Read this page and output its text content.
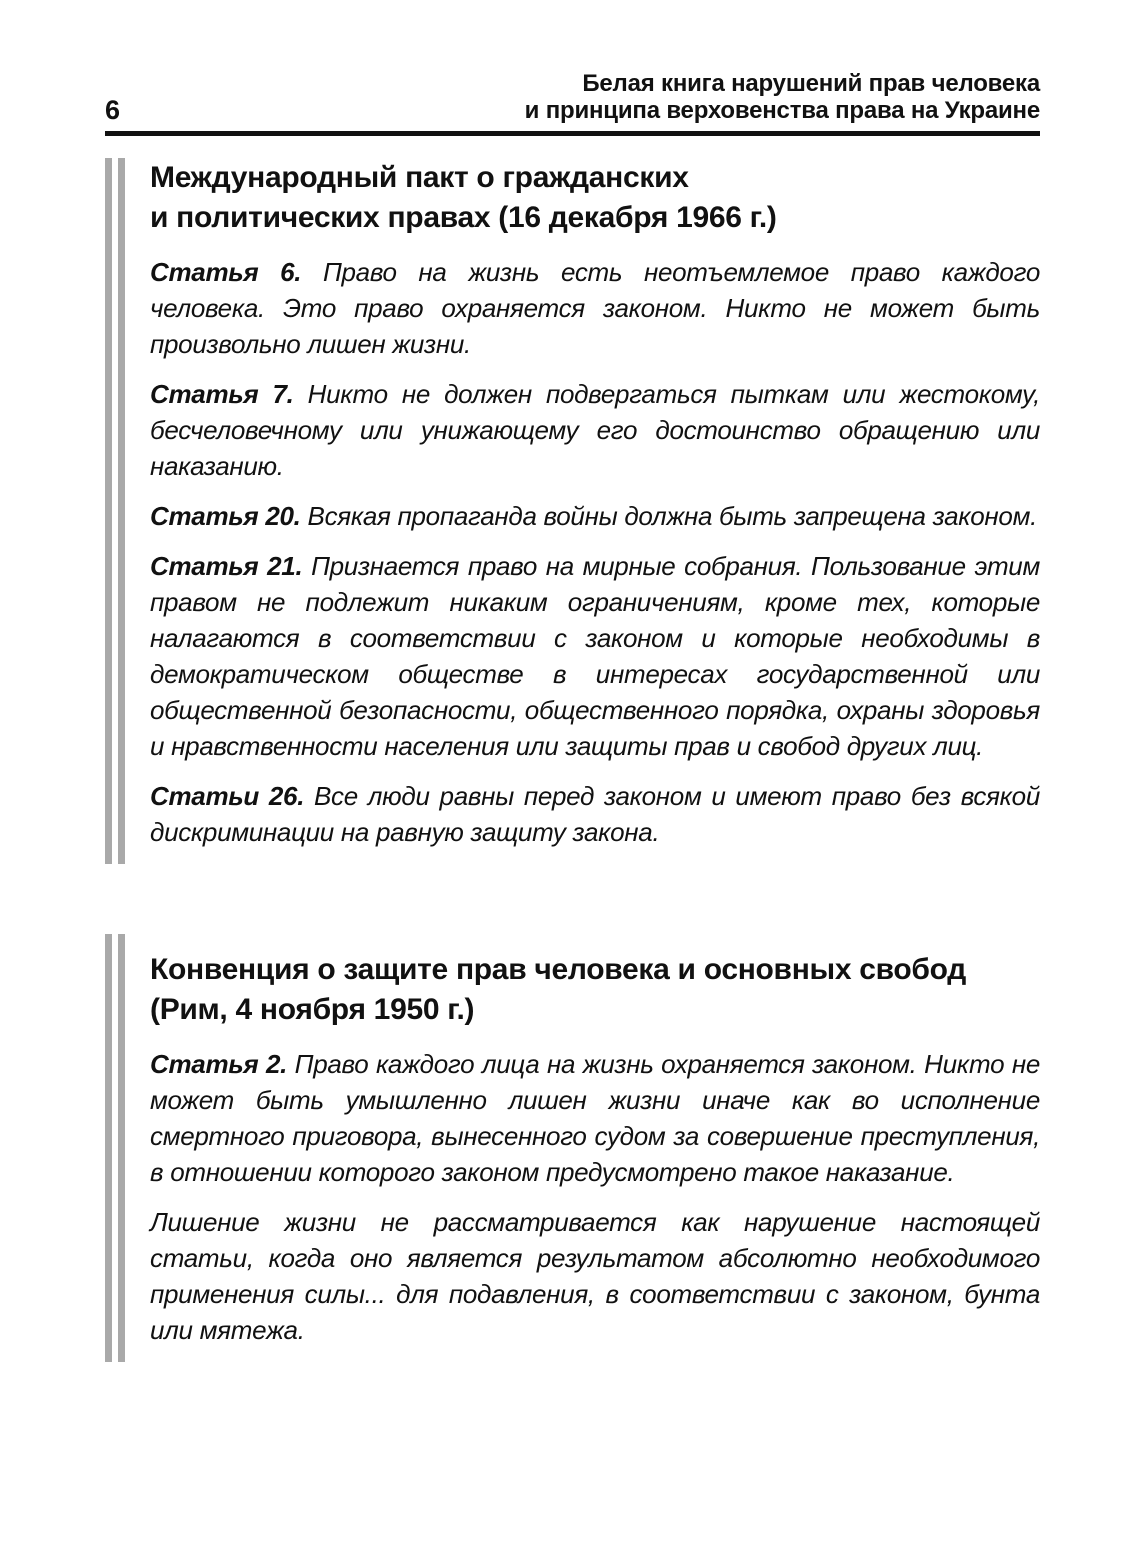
6
Белая книга нарушений прав человека
и принципа верховенства права на Украине
Международный пакт о гражданских
и политических правах (16 декабря 1966 г.)

Статья 6. Право на жизнь есть неотъемлемое право каждого человека. Это право охраняется законом. Никто не может быть произвольно лишен жизни.

Статья 7. Никто не должен подвергаться пыткам или жестокому, бесчеловечному или унижающему его достоинство обращению или наказанию.

Статья 20. Всякая пропаганда войны должна быть запрещена законом.

Статья 21. Признается право на мирные собрания. Пользование этим правом не подлежит никаким ограничениям, кроме тех, которые налагаются в соответствии с законом и которые необходимы в демократическом обществе в интересах государственной или общественной безопасности, общественного порядка, охраны здоровья и нравственности населения или защиты прав и свобод других лиц.

Статьи 26. Все люди равны перед законом и имеют право без всякой дискриминации на равную защиту закона.

Конвенция о защите прав человека и основных свобод
(Рим, 4 ноября 1950 г.)

Статья 2. Право каждого лица на жизнь охраняется законом. Никто не может быть умышленно лишен жизни иначе как во исполнение смертного приговора, вынесенного судом за совершение преступления, в отношении которого законом предусмотрено такое наказание.

Лишение жизни не рассматривается как нарушение настоящей статьи, когда оно является результатом абсолютно необходимого применения силы... для подавления, в соответствии с законом, бунта или мятежа.
